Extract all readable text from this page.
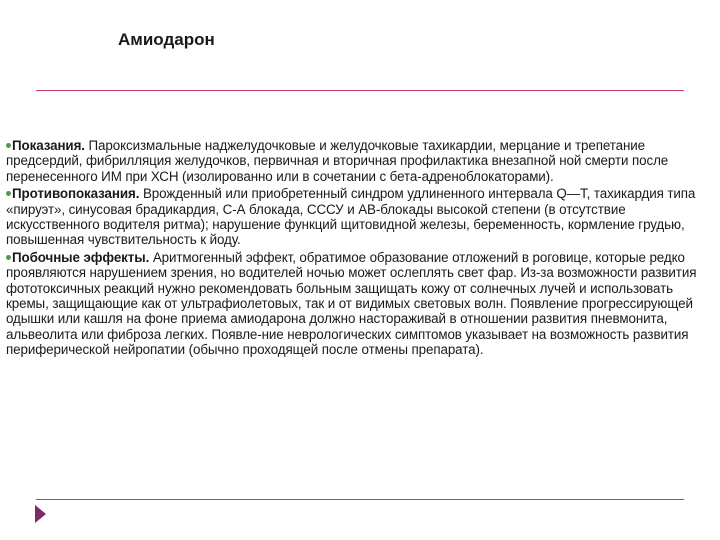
Амиодарон

Показания. Пароксизмальные наджелудочковые и желудочковые тахикардии, мерцание и трепетание предсердий, фибрилляция желудочков, первичная и вторичная профилактика внезапной ной смерти после перенесенного ИМ при ХСН (изолированно или в сочетании с бета-адреноблокаторами).

Противопоказания. Врожденный или приобретенный синдром удлиненного интервала Q—T, тахикардия типа «пируэт», синусовая брадикардия, С-А блокада, СССУ и АВ-блокады высокой степени (в отсутствие искусственного водителя ритма); нарушение функций щитовидной железы, беременность, кормление грудью, повышенная чувствительность к йоду.

Побочные эффекты. Аритмогенный эффект, обратимое образование отложений в роговице, которые редко проявляются нарушением зрения, но водителей ночью может ослеплять свет фар. Из-за возможности развития фототоксичных реакций нужно рекомендовать больным защищать кожу от солнечных лучей и использовать кремы, защищающие как от ультрафиолетовых, так и от видимых световых волн. Появление прогрессирующей одышки или кашля на фоне приема амиодарона должно настораживай в отношении развития пневмонита, альвеолита или фиброза легких. Появле-ние неврологических симптомов указывает на возможность развития периферической нейропатии (обычно проходящей после отмены препарата).
